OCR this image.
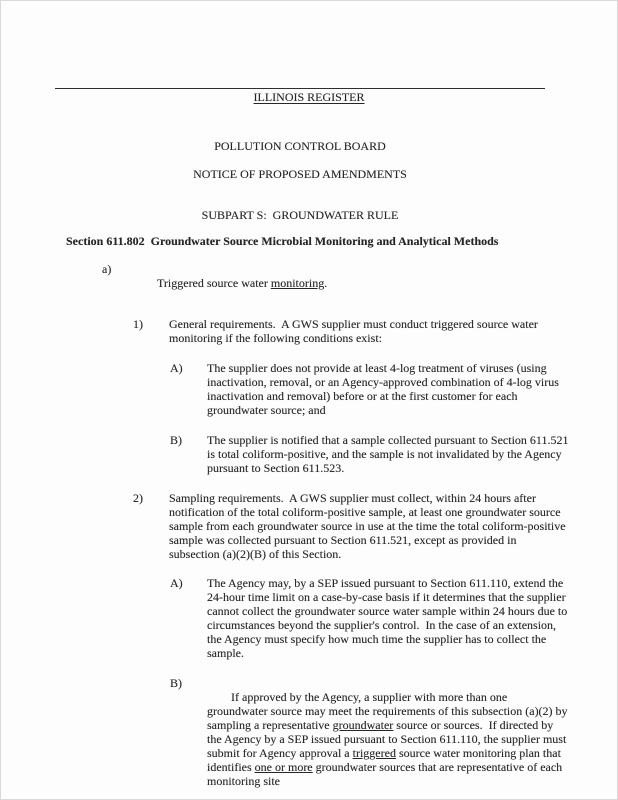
ILLINOIS REGISTER

POLLUTION CONTROL BOARD
NOTICE OF PROPOSED AMENDMENTS
SUBPART S:  GROUNDWATER RULE
Section 611.802  Groundwater Source Microbial Monitoring and Analytical Methods
a)

Triggered source water monitoring.

1)	General requirements.  A GWS supplier must conduct triggered source water monitoring if the following conditions exist:
A)	The supplier does not provide at least 4-log treatment of viruses (using inactivation, removal, or an Agency-approved combination of 4-log virus inactivation and removal) before or at the first customer for each groundwater source; and
B)	The supplier is notified that a sample collected pursuant to Section 611.521 is total coliform-positive, and the sample is not invalidated by the Agency pursuant to Section 611.523.
2)	Sampling requirements.  A GWS supplier must collect, within 24 hours after notification of the total coliform-positive sample, at least one groundwater source sample from each groundwater source in use at the time the total coliform-positive sample was collected pursuant to Section 611.521, except as provided in subsection (a)(2)(B) of this Section.
A)	The Agency may, by a SEP issued pursuant to Section 611.110, extend the 24-hour time limit on a case-by-case basis if it determines that the supplier cannot collect the groundwater source water sample within 24 hours due to circumstances beyond the supplier's control.  In the case of an extension, the Agency must specify how much time the supplier has to collect the sample.
B)

If approved by the Agency, a supplier with more than one groundwater source may meet the requirements of this subsection (a)(2) by sampling a representative groundwater source or sources.  If directed by the Agency by a SEP issued pursuant to Section 611.110, the supplier must submit for Agency approval a triggered source water monitoring plan that identifies one or more groundwater sources that are representative of each monitoring site
